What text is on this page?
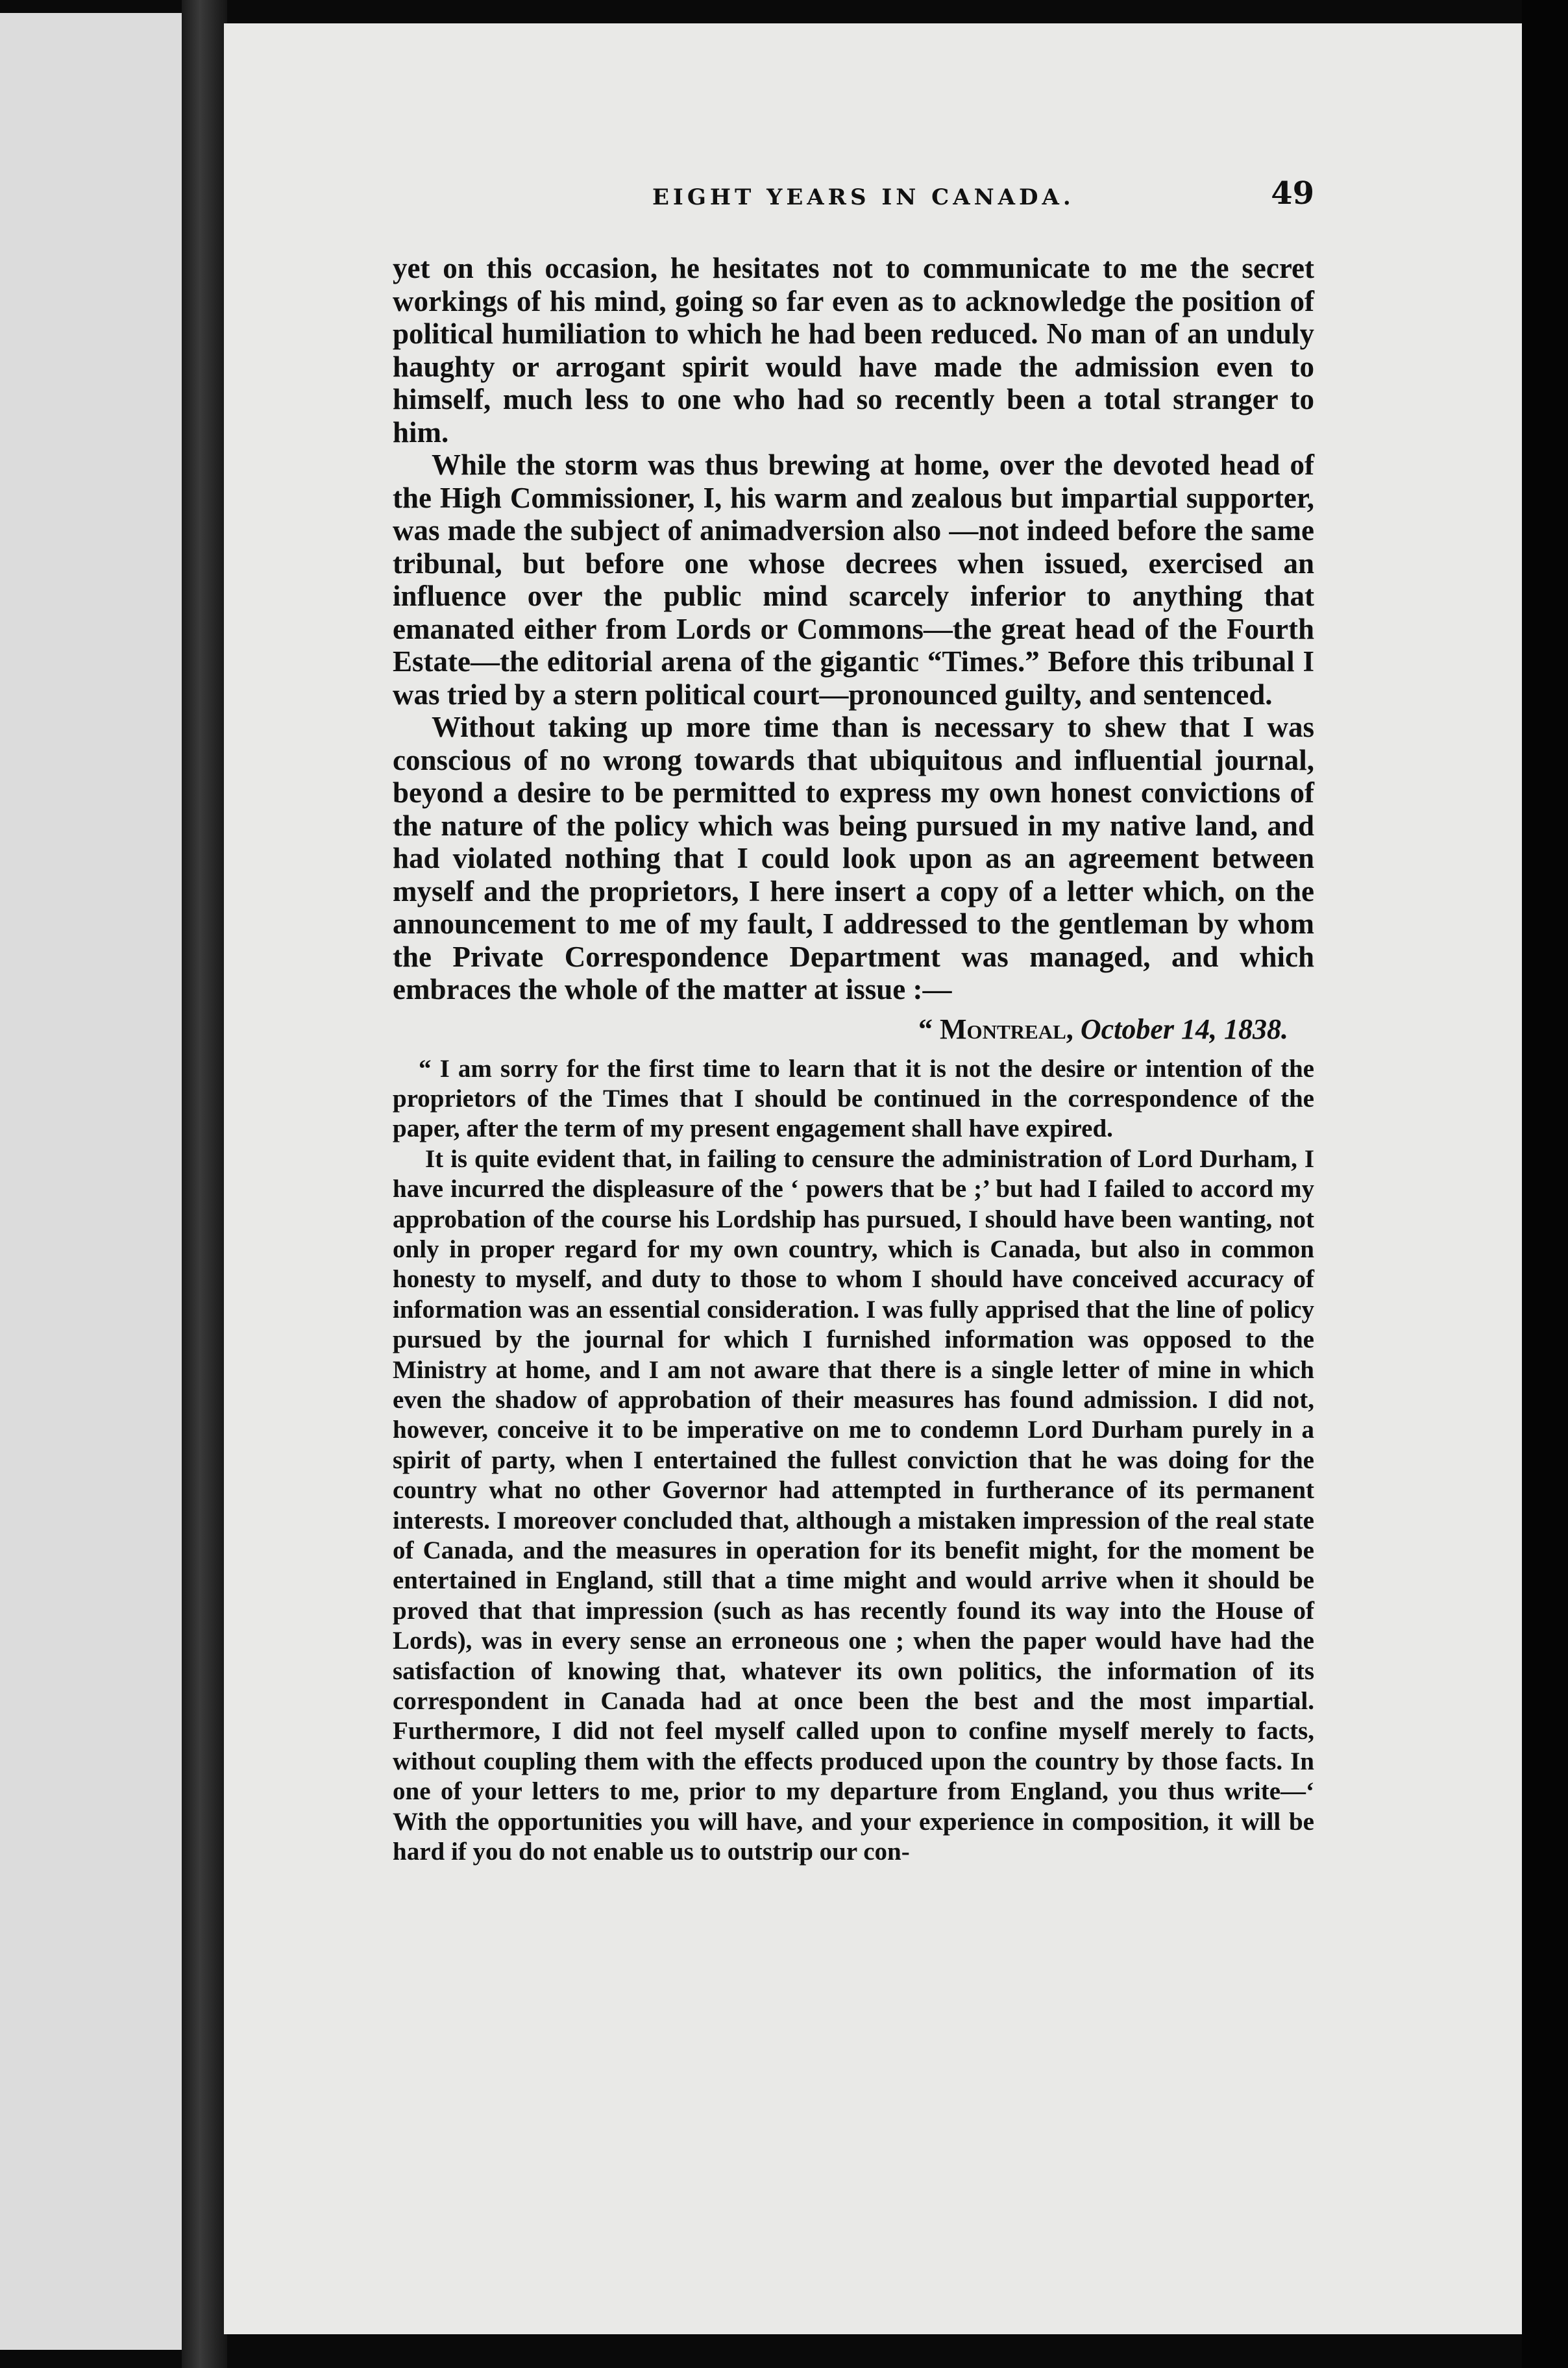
EIGHT YEARS IN CANADA.	49

yet on this occasion, he hesitates not to communicate to me the secret workings of his mind, going so far even as to acknowledge the position of political humiliation to which he had been reduced. No man of an unduly haughty or arrogant spirit would have made the admission even to himself, much less to one who had so recently been a total stranger to him.

While the storm was thus brewing at home, over the devoted head of the High Commissioner, I, his warm and zealous but impartial supporter, was made the subject of animadversion also —not indeed before the same tribunal, but before one whose decrees when issued, exercised an influence over the public mind scarcely inferior to anything that emanated either from Lords or Commons—the great head of the Fourth Estate—the editorial arena of the gigantic “Times.” Before this tribunal I was tried by a stern political court—pronounced guilty, and sentenced.

Without taking up more time than is necessary to shew that I was conscious of no wrong towards that ubiquitous and influential journal, beyond a desire to be permitted to express my own honest convictions of the nature of the policy which was being pursued in my native land, and had violated nothing that I could look upon as an agreement between myself and the proprietors, I here insert a copy of a letter which, on the announcement to me of my fault, I addressed to the gentleman by whom the Private Correspondence Department was managed, and which embraces the whole of the matter at issue :—

“ Montreal, October 14, 1838.

“ I am sorry for the first time to learn that it is not the desire or intention of the proprietors of the Times that I should be continued in the correspondence of the paper, after the term of my present engagement shall have expired.

It is quite evident that, in failing to censure the administration of Lord Durham, I have incurred the displeasure of the ‘ powers that be ;’ but had I failed to accord my approbation of the course his Lordship has pursued, I should have been wanting, not only in proper regard for my own country, which is Canada, but also in common honesty to myself, and duty to those to whom I should have conceived accuracy of information was an essential consideration. I was fully apprised that the line of policy pursued by the journal for which I furnished information was opposed to the Ministry at home, and I am not aware that there is a single letter of mine in which even the shadow of approbation of their measures has found admission. I did not, however, conceive it to be imperative on me to condemn Lord Durham purely in a spirit of party, when I entertained the fullest conviction that he was doing for the country what no other Governor had attempted in furtherance of its permanent interests. I moreover concluded that, although a mistaken impression of the real state of Canada, and the measures in operation for its benefit might, for the moment be entertained in England, still that a time might and would arrive when it should be proved that that impression (such as has recently found its way into the House of Lords), was in every sense an erroneous one ; when the paper would have had the satisfaction of knowing that, whatever its own politics, the information of its correspondent in Canada had at once been the best and the most impartial. Furthermore, I did not feel myself called upon to confine myself merely to facts, without coupling them with the effects produced upon the country by those facts. In one of your letters to me, prior to my departure from England, you thus write—‘ With the opportunities you will have, and your experience in composition, it will be hard if you do not enable us to outstrip our con-
